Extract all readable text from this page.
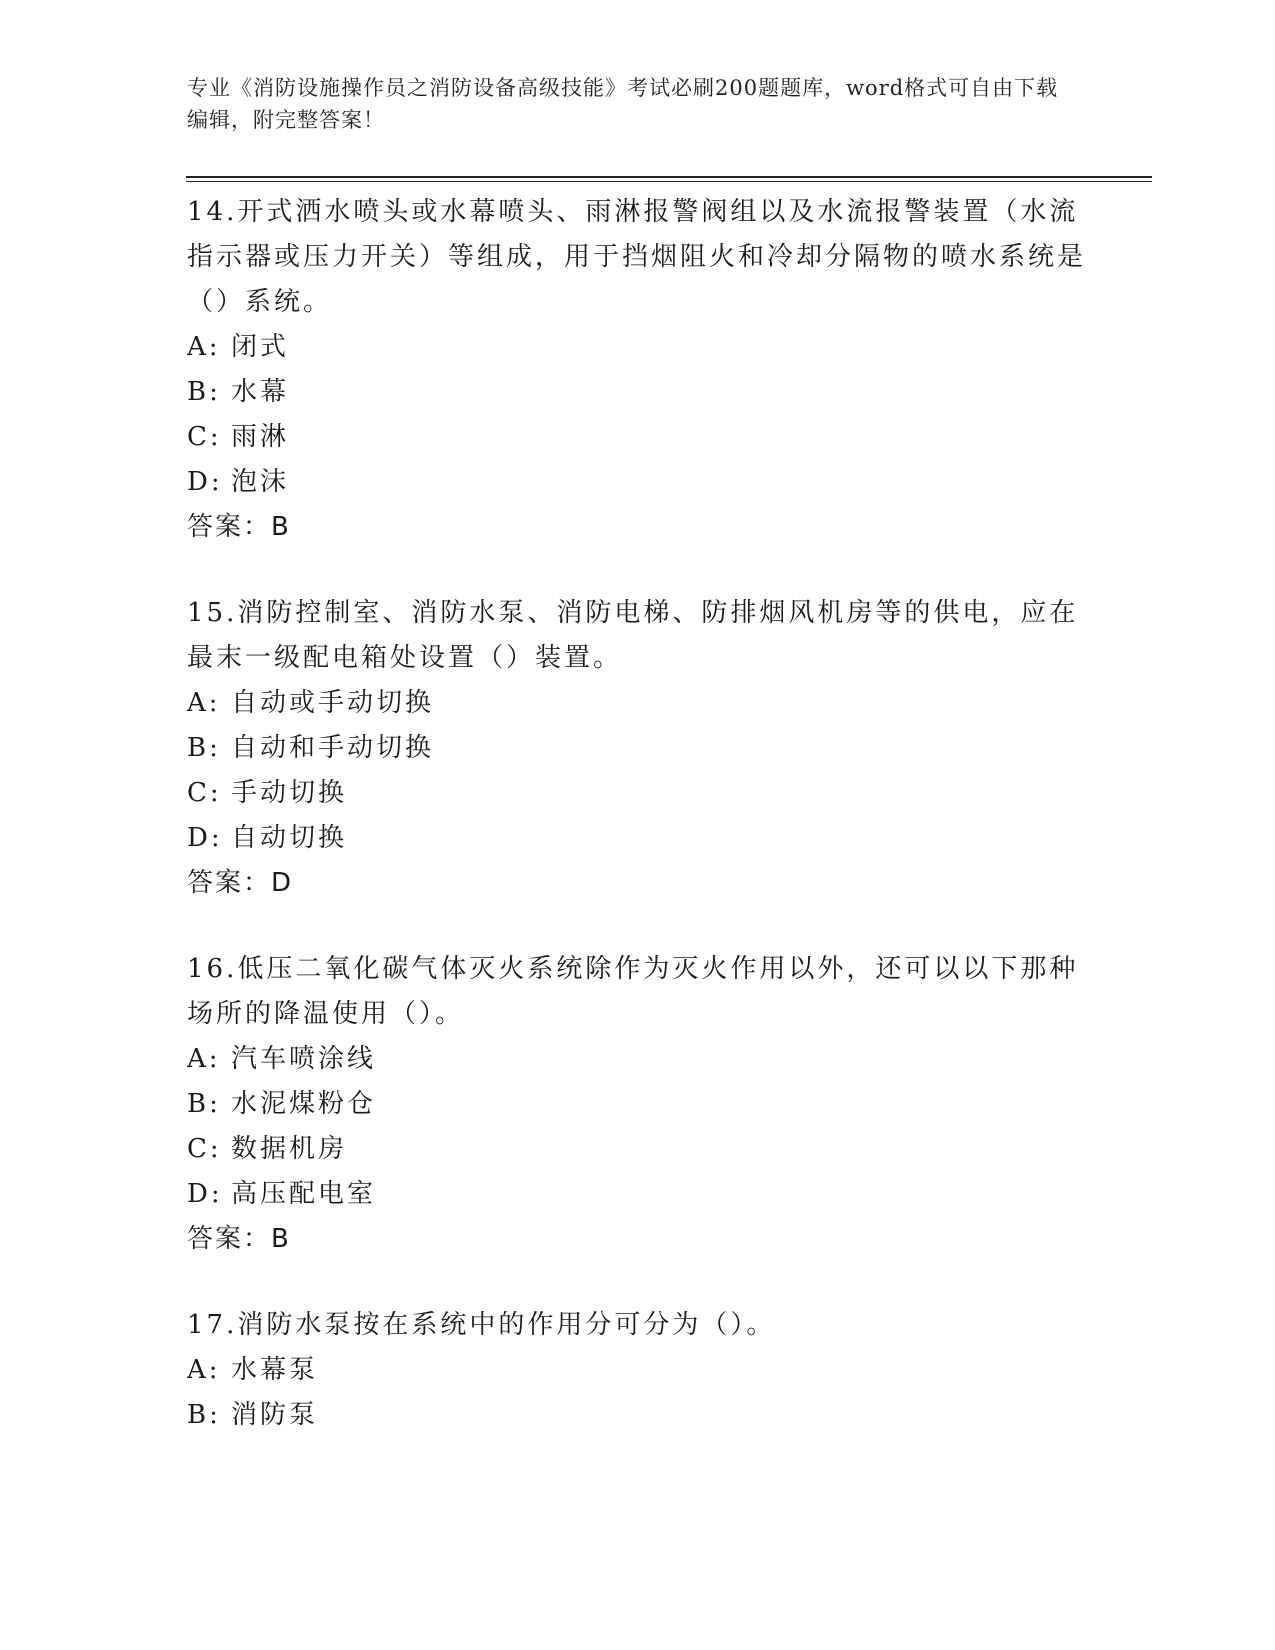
专业《消防设施操作员之消防设备高级技能》考试必刷200题题库，word格式可自由下载编辑，附完整答案！

14.开式洒水喷头或水幕喷头、雨淋报警阀组以及水流报警装置（水流指示器或压力开关）等组成，用于挡烟阻火和冷却分隔物的喷水系统是（）系统。

A: 闭式
B: 水幕
C: 雨淋
D: 泡沫

答案：B

15.消防控制室、消防水泵、消防电梯、防排烟风机房等的供电，应在最末一级配电箱处设置（）装置。

A: 自动或手动切换
B: 自动和手动切换
C: 手动切换
D: 自动切换

答案：D

16.低压二氧化碳气体灭火系统除作为灭火作用以外，还可以以下那种场所的降温使用（）。

A: 汽车喷涂线
B: 水泥煤粉仓
C: 数据机房
D: 高压配电室

答案：B

17.消防水泵按在系统中的作用分可分为（）。

A: 水幕泵
B: 消防泵
